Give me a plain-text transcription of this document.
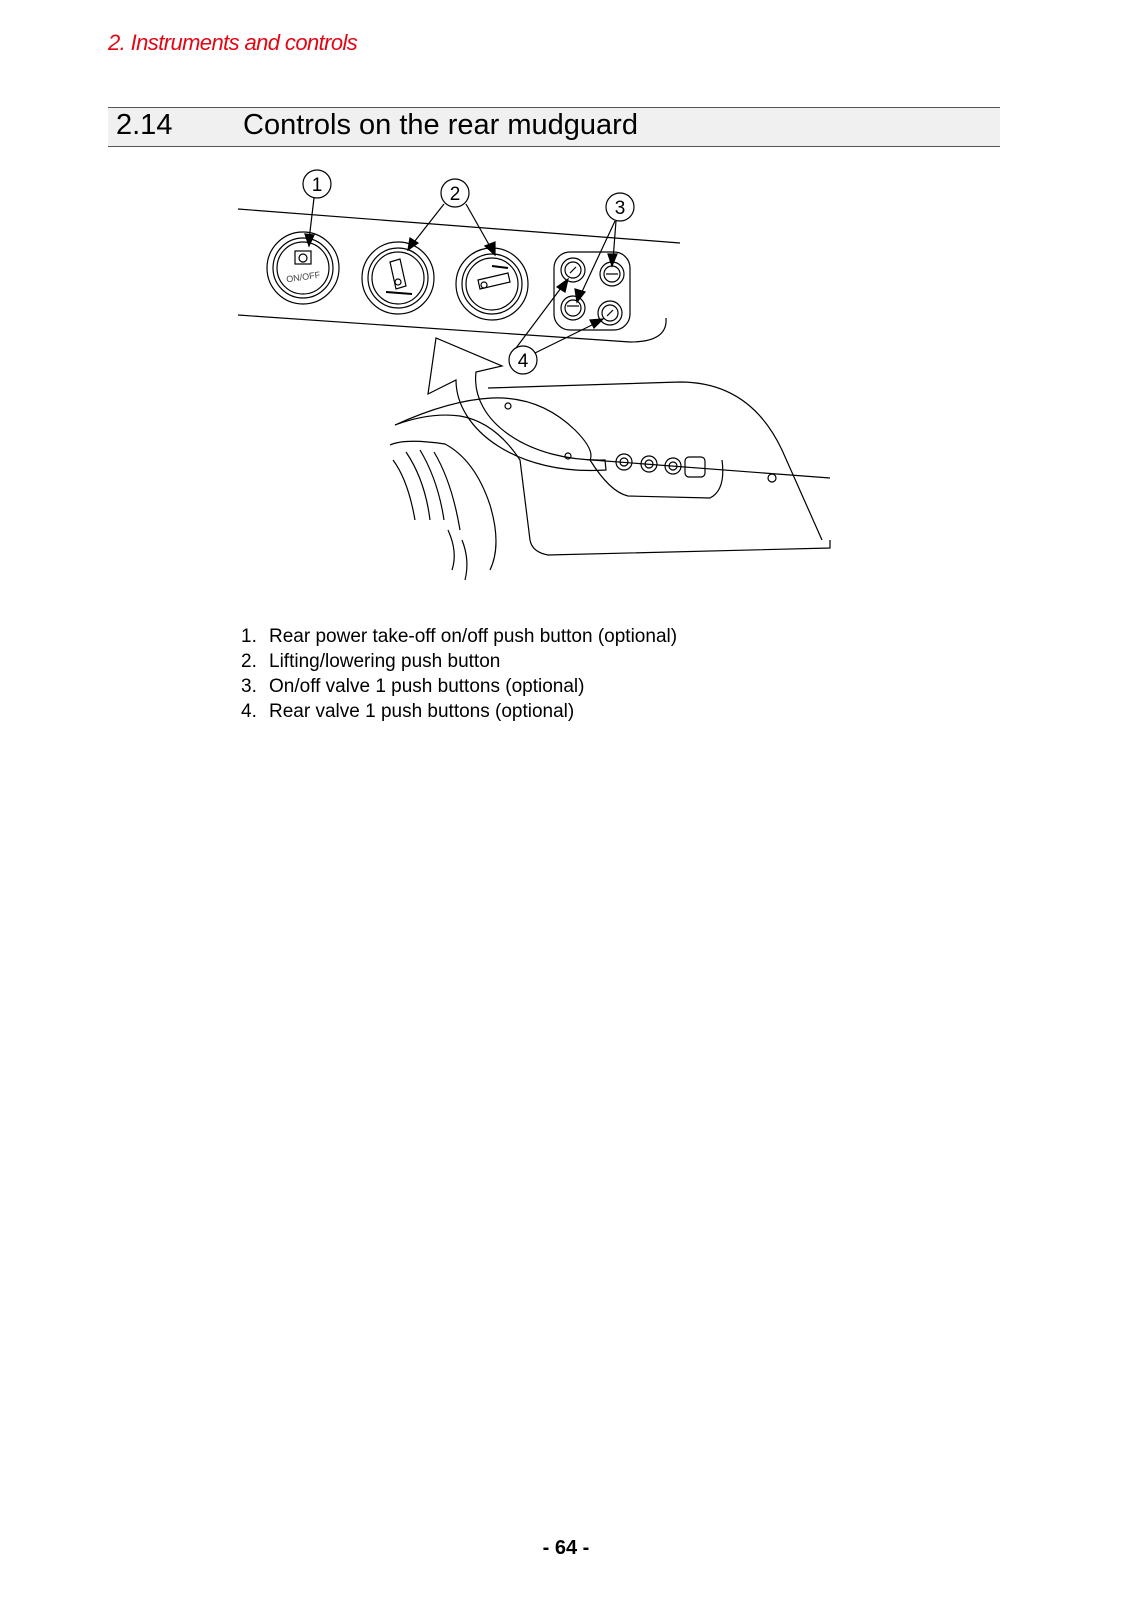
2. Instruments and controls
2.14 Controls on the rear mudguard
ON/OFF
1	2
3
4
1. Rear power take-off on/off push button (optional)
2. Lifting/lowering push button
3. On/off valve 1 push buttons (optional)
4. Rear valve 1 push buttons (optional)
- 64 -
